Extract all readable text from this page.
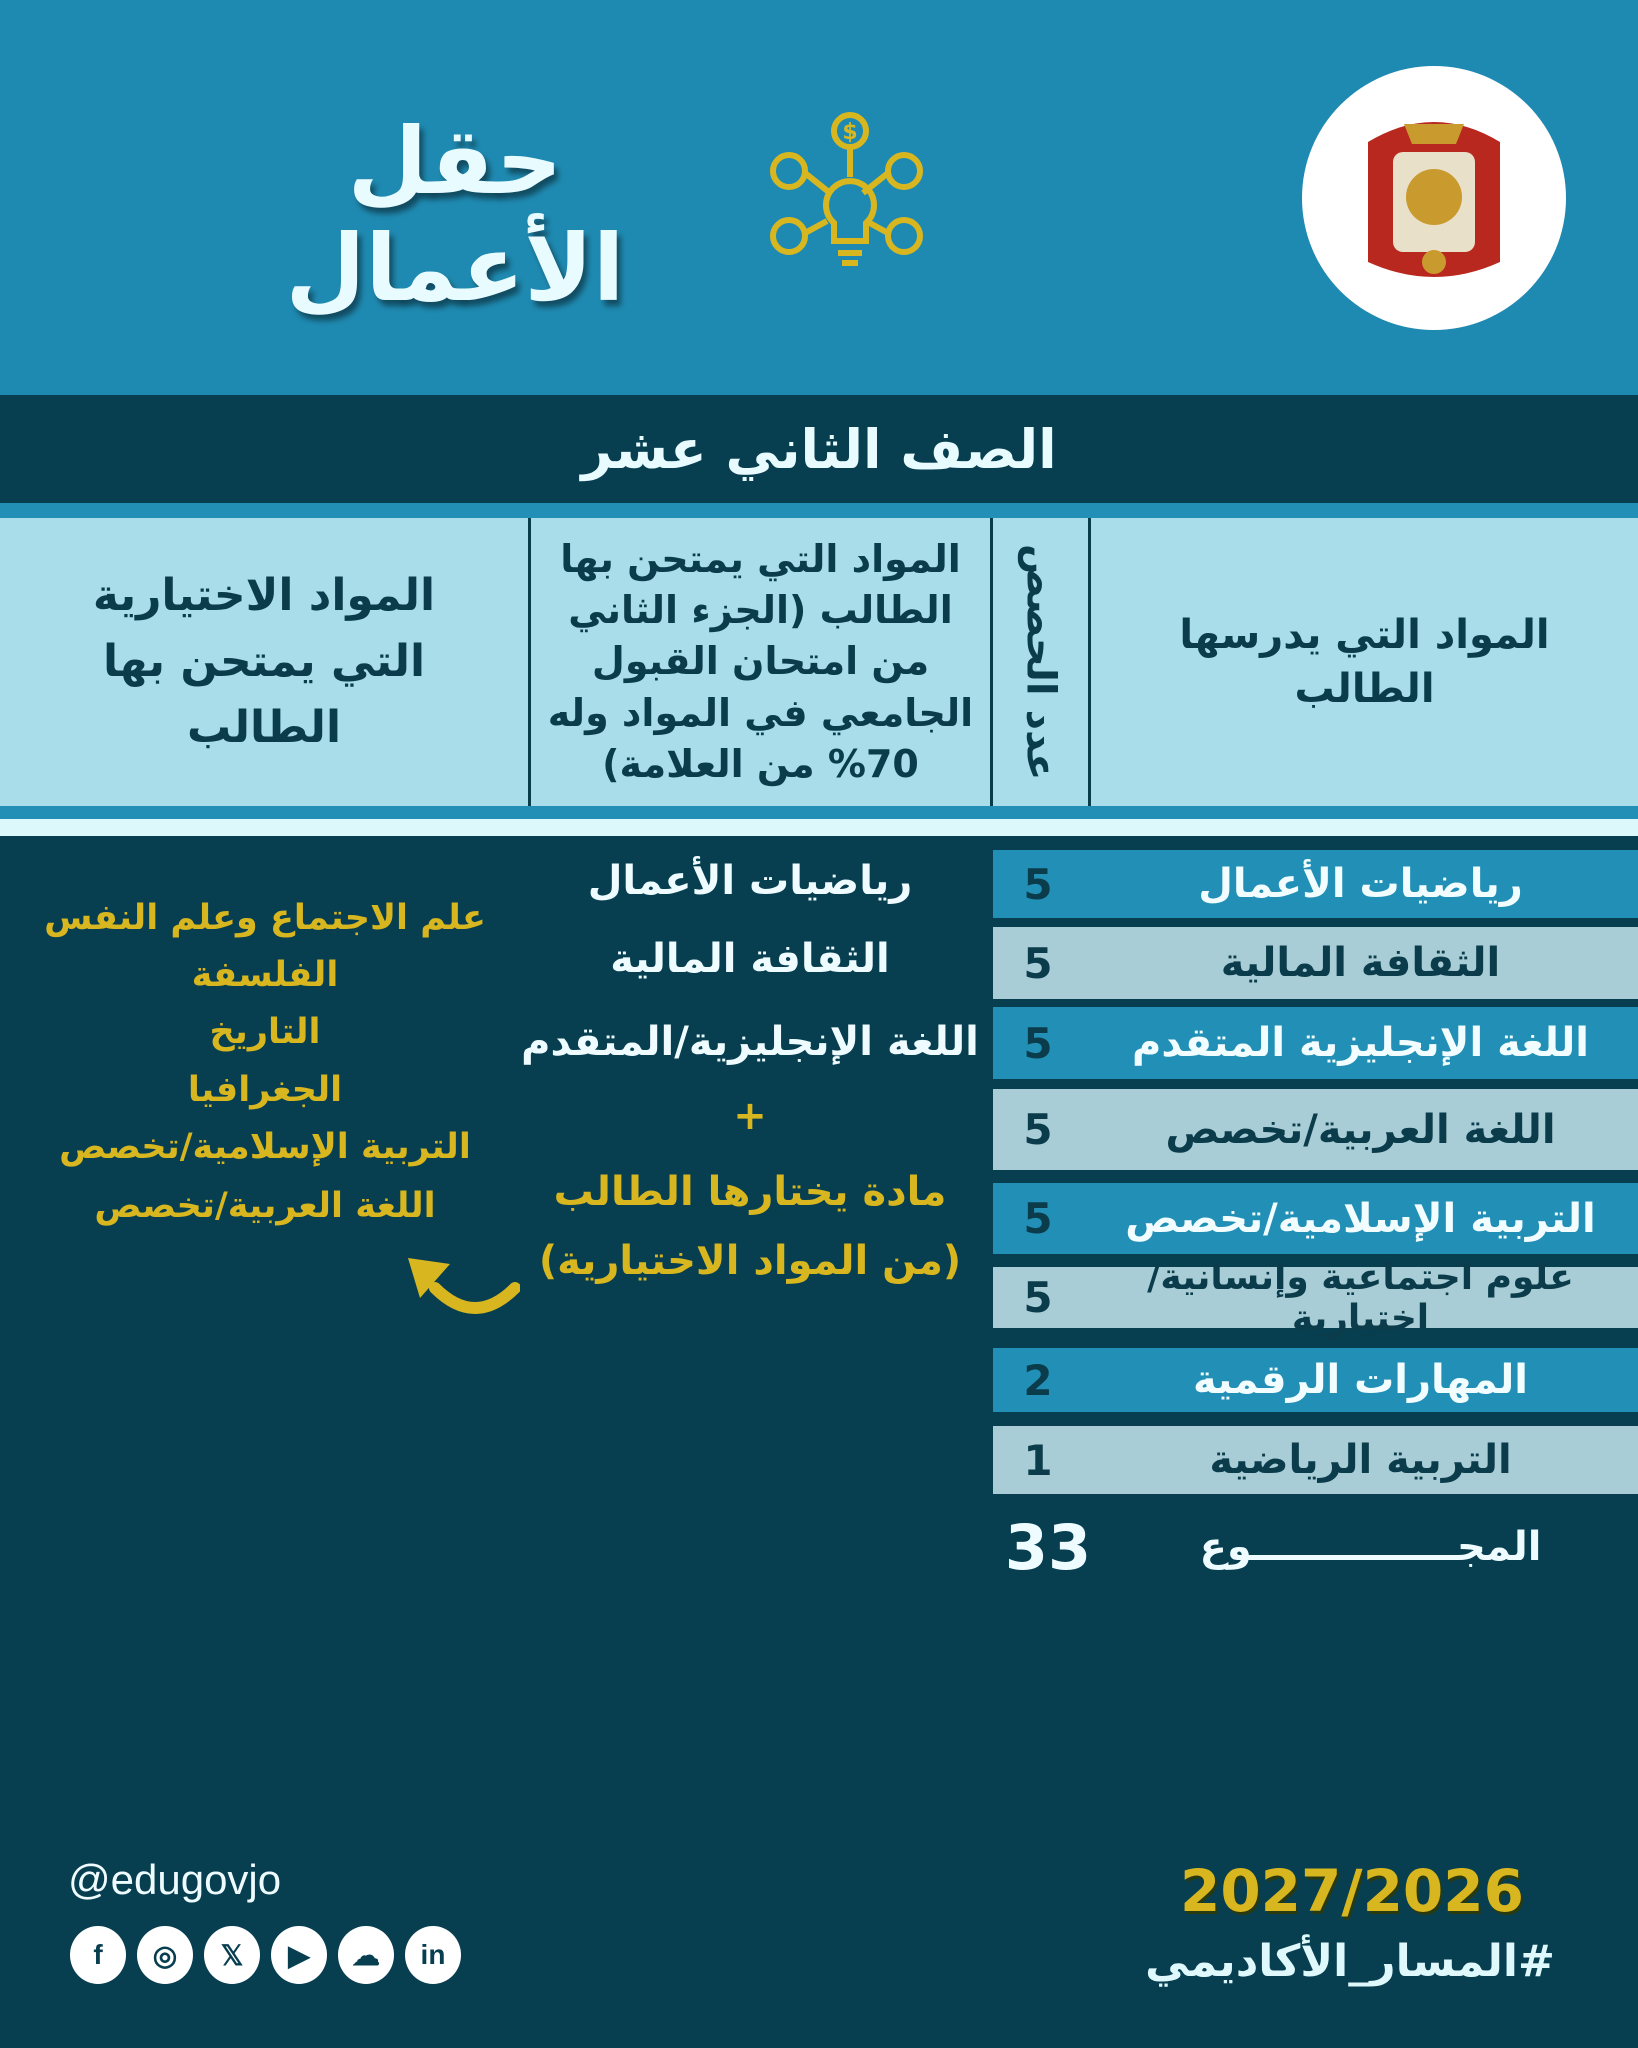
حقل الأعمال
$
الصف الثاني عشر
المواد التي يدرسها الطالب
عدد الحصص
المواد التي يمتحن بها الطالب (الجزء الثاني من امتحان القبول الجامعي في المواد وله 70% من العلامة)
المواد الاختيارية التي يمتحن بها الطالب
رياضيات الأعمال
5
الثقافة المالية
5
اللغة الإنجليزية المتقدم
5
اللغة العربية/تخصص
5
التربية الإسلامية/تخصص
5
علوم اجتماعية وإنسانية/اختيارية
5
المهارات الرقمية
2
التربية الرياضية
1
المجـــــــــــــــوع
33
رياضيات الأعمال
الثقافة المالية
اللغة الإنجليزية/المتقدم
+
مادة يختارها الطالب
(من المواد الاختيارية)
علم الاجتماع وعلم النفس
الفلسفة
التاريخ
الجغرافيا
التربية الإسلامية/تخصص
اللغة العربية/تخصص
@edugovjo
f	◎	𝕏	▶	☁	in
2027/2026
#المسار_الأكاديمي
